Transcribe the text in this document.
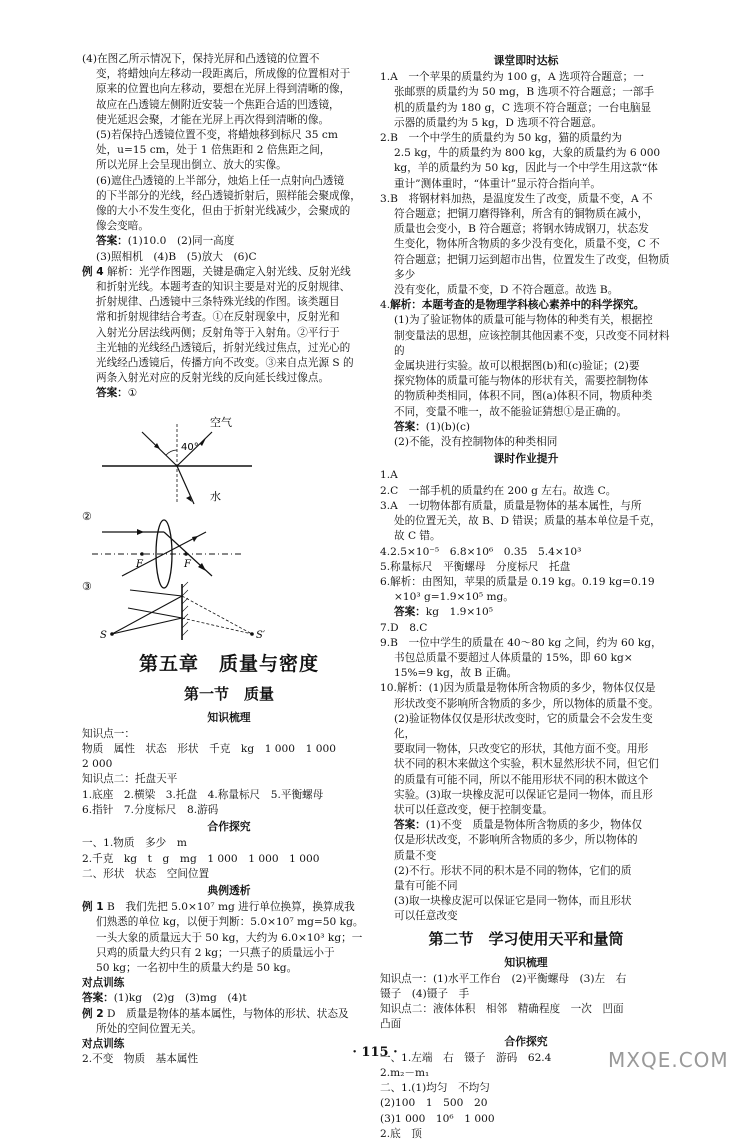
(4)在图乙所示情况下，保持光屏和凸透镜的位置不

变，将蜡烛向左移动一段距离后，所成像的位置相对于

原来的位置也向左移动，要想在光屏上得到清晰的像，

故应在凸透镜左侧附近安装一个焦距合适的凹透镜，

使光延迟会聚，才能在光屏上再次得到清晰的像。

(5)若保持凸透镜位置不变，将蜡烛移到标尺 35 cm

处，u=15 cm，处于 1 倍焦距和 2 倍焦距之间，

所以光屏上会呈现出倒立、放大的实像。

(6)遮住凸透镜的上半部分，烛焰上任一点射向凸透镜

的下半部分的光线，经凸透镜折射后，照样能会聚成像，

像的大小不发生变化，但由于折射光线减少，会聚成的

像会变暗。

答案：(1)10.0　(2)同一高度

(3)照相机　(4)B　(5)放大　(6)C

例 4 解析：光学作图题，关键是确定入射光线、反射光线

和折射光线。本题考查的知识主要是对光的反射规律、

折射规律、凸透镜中三条特殊光线的作图。该类题目

常和折射规律结合考查。①在反射现象中，反射光和

入射光分居法线两侧；反射角等于入射角。②平行于

主光轴的光线经凸透镜后，折射光线过焦点，过光心的

光线经凸透镜后，传播方向不改变。③来自点光源 S 的

两条入射光对应的反射光线的反向延长线过像点。

答案：①

40°
空气
水
②
F	F
③
S	S′
第五章　质量与密度
第一节　质量
知识梳理

知识点一：

物质　属性　状态　形状　千克　kg　1 000　1 000

2 000

知识点二：托盘天平

1.底座　2.横梁　3.托盘　4.称量标尺　5.平衡螺母

6.指针　7.分度标尺　8.游码

合作探究

一、1.物质　多少　m

2.千克　kg　t　g　mg　1 000　1 000　1 000

二、形状　状态　空间位置

典例透析

例 1 B　我们先把 5.0×10⁷ mg 进行单位换算，换算成我

们熟悉的单位 kg，以便于判断：5.0×10⁷ mg=50 kg。

一头大象的质量远大于 50 kg，大约为 6.0×10³ kg；一

只鸡的质量大约只有 2 kg；一只燕子的质量远小于

50 kg；一名初中生的质量大约是 50 kg。

对点训练

答案：(1)kg　(2)g　(3)mg　(4)t

例 2 D　质量是物体的基本属性，与物体的形状、状态及

所处的空间位置无关。

对点训练

2.不变　物质　基本属性

课堂即时达标

1.A　一个苹果的质量约为 100 g，A 选项符合题意；一

张邮票的质量约为 50 mg，B 选项不符合题意；一部手

机的质量约为 180 g，C 选项不符合题意；一台电脑显

示器的质量约为 5 kg，D 选项不符合题意。

2.B　一个中学生的质量约为 50 kg，猫的质量约为

2.5 kg，牛的质量约为 800 kg，大象的质量约为 6 000

kg，羊的质量约为 50 kg，因此与一个中学生用这款“体

重计”测体重时，“体重计”显示符合指向羊。

3.B　将钢材料加热，是温度发生了改变，质量不变，A 不

符合题意；把铜刀磨得锋利，所含有的铜物质在减小，

质量也会变小，B 符合题意；将钢水铸成钢刀，状态发

生变化，物体所含物质的多少没有变化，质量不变，C 不

符合题意；把铜刀运到超市出售，位置发生了改变，但物质多少

没有变化，质量不变，D 不符合题意。故选 B。

4.解析：本题考查的是物理学科核心素养中的科学探究。

(1)为了验证物体的质量可能与物体的种类有关，根据控

制变量法的思想，应该控制其他因素不变，只改变不同材料的

金属块进行实验。故可以根据图(b)和(c)验证；(2)要

探究物体的质量可能与物体的形状有关，需要控制物体

的物质种类相同，体积不同，图(a)体积不同，物质种类

不同，变量不唯一，故不能验证猜想①是正确的。

答案：(1)(b)(c)

(2)不能，没有控制物体的种类相同

课时作业提升

1.A

2.C　一部手机的质量约在 200 g 左右。故选 C。

3.A　一切物体都有质量，质量是物体的基本属性，与所

处的位置无关，故 B、D 错误；质量的基本单位是千克，

故 C 错。

4.2.5×10⁻⁵　6.8×10⁶　0.35　5.4×10³

5.称量标尺　平衡螺母　分度标尺　托盘

6.解析：由图知，苹果的质量是 0.19 kg。0.19 kg=0.19

×10³ g=1.9×10⁵ mg。

答案：kg　1.9×10⁵

7.D　8.C

9.B　一位中学生的质量在 40～80 kg 之间，约为 60 kg，

书包总质量不要超过人体质量的 15%，即 60 kg×

15%=9 kg，故 B 正确。

10.解析：(1)因为质量是物体所含物质的多少，物体仅仅是

形状改变不影响所含物质的多少，所以物体的质量不变。

(2)验证物体仅仅是形状改变时，它的质量会不会发生变化，

要取同一物体，只改变它的形状，其他方面不变。用形

状不同的积木来做这个实验，积木显然形状不同，但它们

的质量有可能不同，所以不能用形状不同的积木做这个

实验。(3)取一块橡皮泥可以保证它是同一物体，而且形

状可以任意改变，便于控制变量。

答案：(1)不变　质量是物体所含物质的多少，物体仅

仅是形状改变，不影响所含物质的多少，所以物体的

质量不变

(2)不行。形状不同的积木是不同的物体，它们的质

量有可能不同

(3)取一块橡皮泥可以保证它是同一物体，而且形状

可以任意改变

第二节　学习使用天平和量筒
知识梳理

知识点一：(1)水平工作台　(2)平衡螺母　(3)左　右

镊子　(4)镊子　手

知识点二：液体体积　相邻　精确程度　一次　凹面

凸面

合作探究

一、1.左端　右　镊子　游码　62.4

2.m₂－m₁

二、1.(1)均匀　不均匀

(2)100　1　500　20

(3)1 000　10⁶　1 000

2.底　顶

· 115 ·	MXQE.COM
